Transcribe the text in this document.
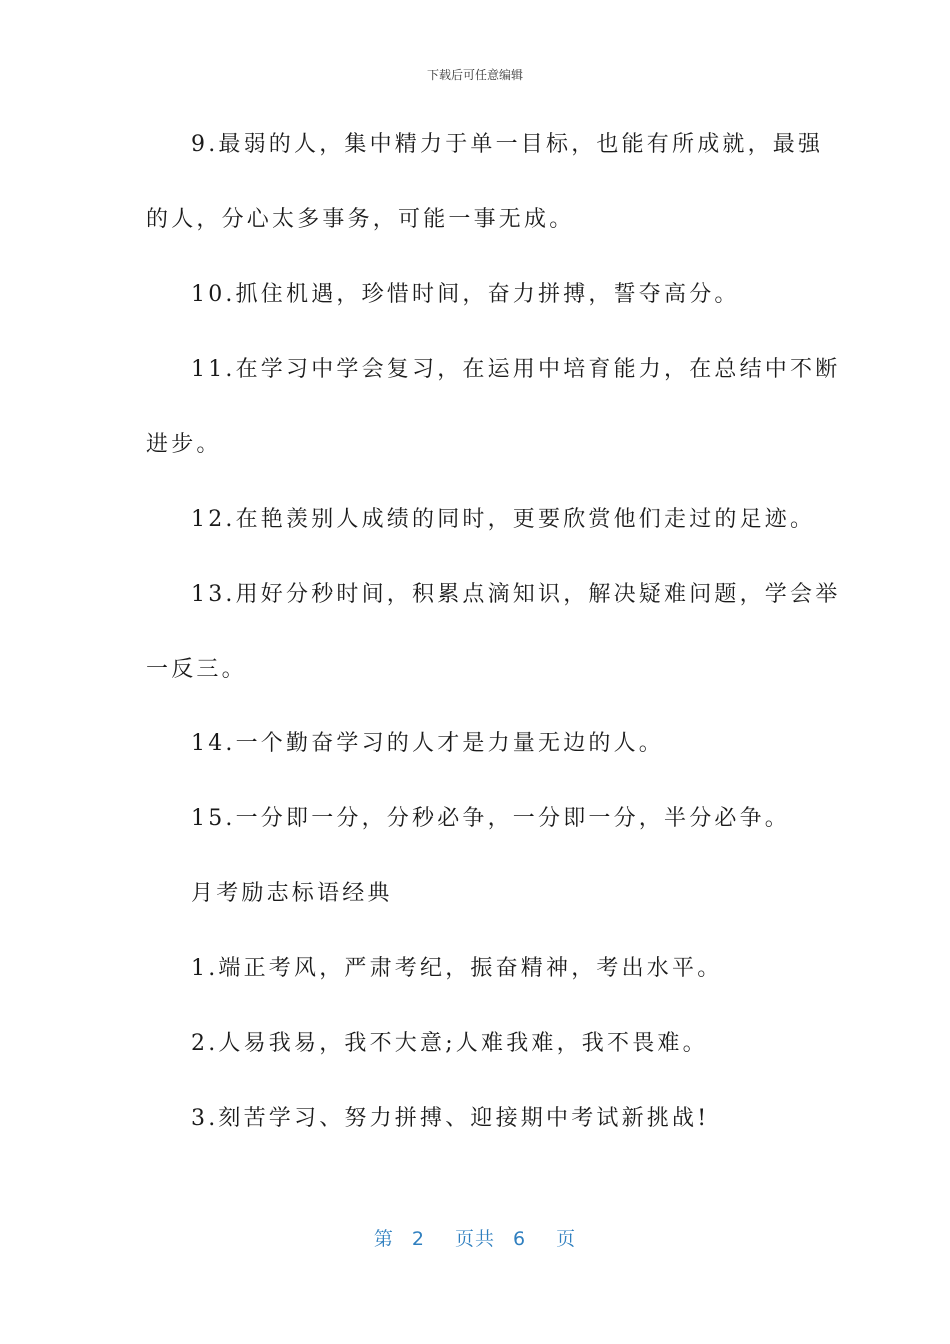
下载后可任意编辑
9.最弱的人，集中精力于单一目标，也能有所成就，最强
的人，分心太多事务，可能一事无成。
10.抓住机遇，珍惜时间，奋力拼搏，誓夺高分。
11.在学习中学会复习，在运用中培育能力，在总结中不断
进步。
12.在艳羡别人成绩的同时，更要欣赏他们走过的足迹。
13.用好分秒时间，积累点滴知识，解决疑难问题，学会举
一反三。
14.一个勤奋学习的人才是力量无边的人。
15.一分即一分，分秒必争，一分即一分，半分必争。
月考励志标语经典
1.端正考风，严肃考纪，振奋精神，考出水平。
2.人易我易，我不大意;人难我难，我不畏难。
3.刻苦学习、努力拼搏、迎接期中考试新挑战!
第 2 页共 6 页
